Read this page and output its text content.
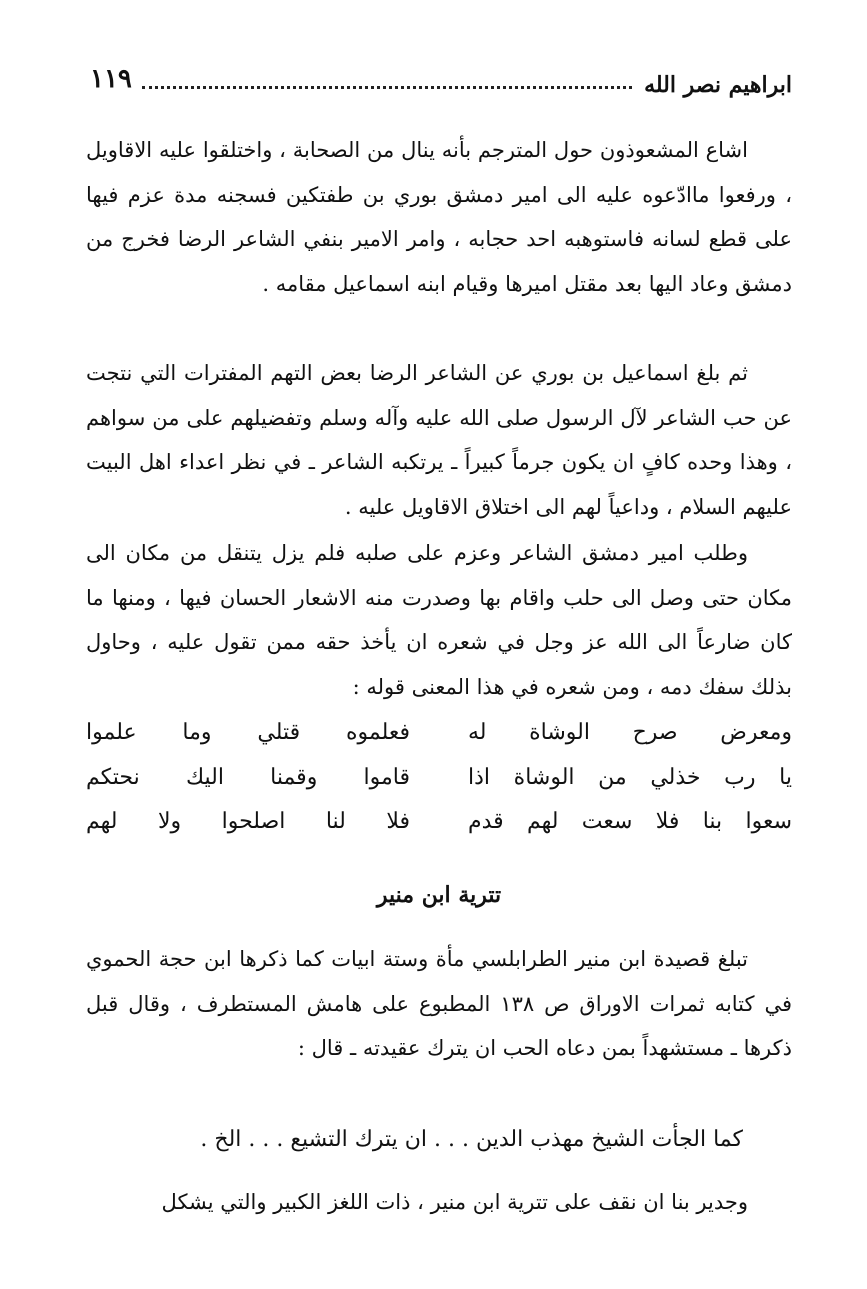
ابراهيم نصر الله
١١٩

اشاع المشعوذون حول المترجم بأنه ينال من الصحابة ، واختلقوا عليه الاقاويل ، ورفعوا ماادّعوه عليه الى امير دمشق بوري بن طفتكين فسجنه مدة عزم فيها على قطع لسانه فاستوهبه احد حجابه ، وامر الامير بنفي الشاعر الرضا فخرج من دمشق وعاد اليها بعد مقتل اميرها وقيام ابنه اسماعيل مقامه .

ثم بلغ اسماعيل بن بوري عن الشاعر الرضا بعض التهم المفترات التي نتجت عن حب الشاعر لآل الرسول صلى الله عليه وآله وسلم وتفضيلهم على من سواهم ، وهذا وحده كافٍ ان يكون جرماً كبيراً ـ يرتكبه الشاعر ـ في نظر اعداء اهل البيت عليهم السلام ، وداعياً لهم الى اختلاق الاقاويل عليه .

وطلب امير دمشق الشاعر وعزم على صلبه فلم يزل يتنقل من مكان الى مكان حتى وصل الى حلب واقام بها وصدرت منه الاشعار الحسان فيها ، ومنها ما كان ضارعاً الى الله عز وجل في شعره ان يأخذ حقه ممن تقول عليه ، وحاول بذلك سفك دمه ، ومن شعره في هذا المعنى قوله :

ومعرض صرح الوشاة له
فعلموه قتلي وما علموا
يا رب خذلي من الوشاة اذا
قاموا وقمنا اليك نحتكم
سعوا بنا فلا سعت لهم قدم
فلا لنا اصلحوا ولا لهم
تترية ابن منير

تبلغ قصيدة ابن منير الطرابلسي مأة وستة ابيات كما ذكرها ابن حجة الحموي في كتابه ثمرات الاوراق ص ١٣٨ المطبوع على هامش المستطرف ، وقال قبل ذكرها ـ مستشهداً بمن دعاه الحب ان يترك عقيدته ـ قال :

كما الجأت الشيخ مهذب الدين . . . ان يترك التشيع . . . الخ .

وجدير بنا ان نقف على تترية ابن منير ، ذات اللغز الكبير والتي يشكل
